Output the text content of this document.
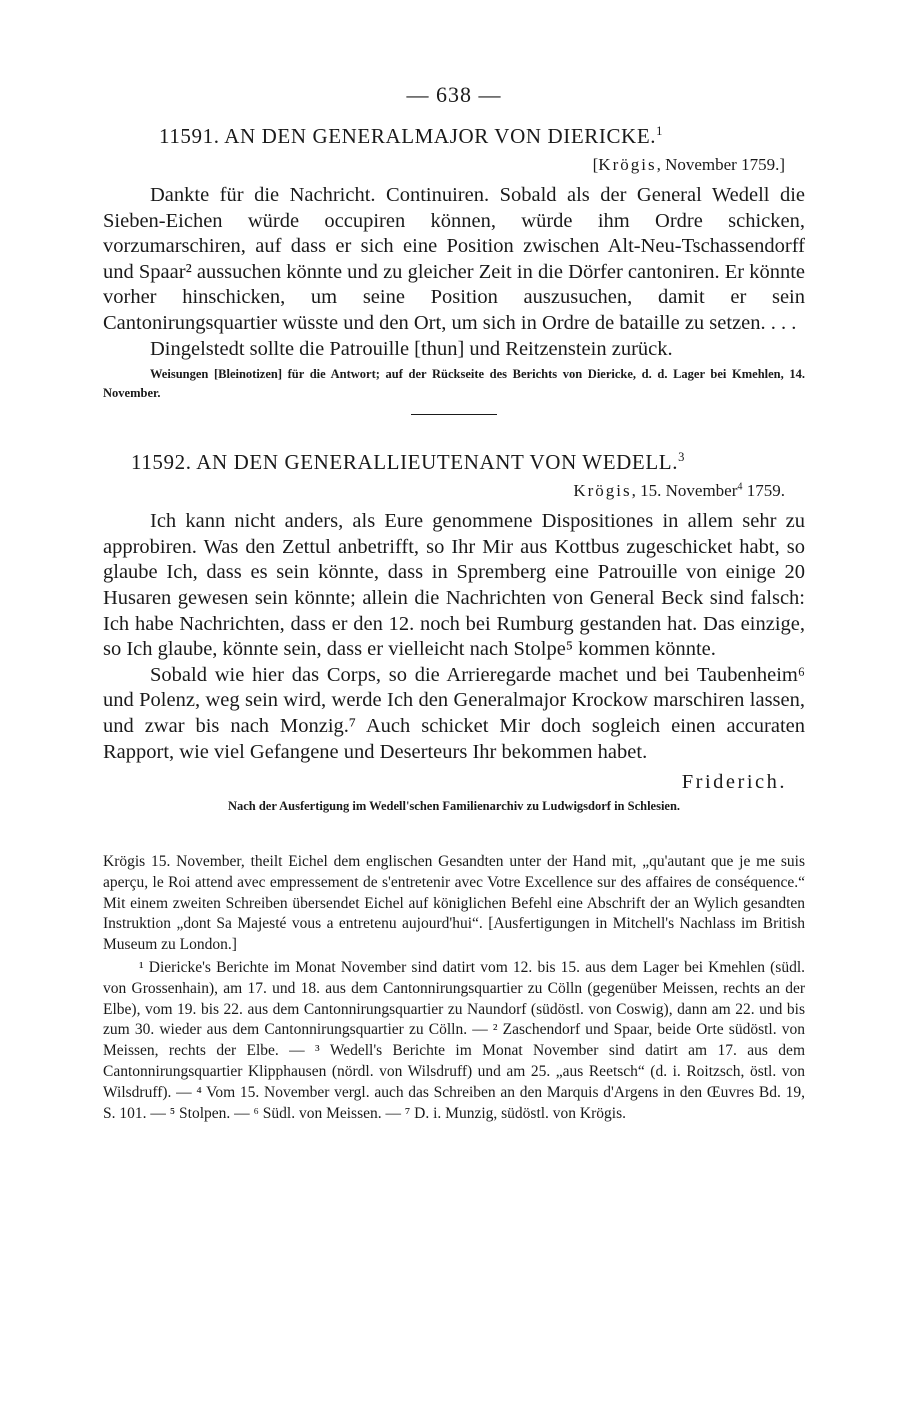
— 638 —
11591. AN DEN GENERALMAJOR VON DIERICKE.$^1$
[Krögis, November 1759.]

Dankte für die Nachricht. Continuiren. Sobald als der General Wedell die Sieben-Eichen würde occupiren können, würde ihm Ordre schicken, vorzumarschiren, auf dass er sich eine Position zwischen Alt-Neu-Tschassendorff und Spaar² aussuchen könnte und zu gleicher Zeit in die Dörfer cantoniren. Er könnte vorher hinschicken, um seine Position auszusuchen, damit er sein Cantonirungsquartier wüsste und den Ort, um sich in Ordre de bataille zu setzen. . . .

Dingelstedt sollte die Patrouille [thun] und Reitzenstein zurück.

Weisungen [Bleinotizen] für die Antwort; auf der Rückseite des Berichts von Diericke, d. d. Lager bei Kmehlen, 14. November.
11592. AN DEN GENERALLIEUTENANT VON WEDELL.$^3$
Krögis, 15. November$^4$ 1759.

Ich kann nicht anders, als Eure genommene Dispositiones in allem sehr zu approbiren. Was den Zettul anbetrifft, so Ihr Mir aus Kottbus zugeschicket habt, so glaube Ich, dass es sein könnte, dass in Spremberg eine Patrouille von einige 20 Husaren gewesen sein könnte; allein die Nachrichten von General Beck sind falsch: Ich habe Nachrichten, dass er den 12. noch bei Rumburg gestanden hat. Das einzige, so Ich glaube, könnte sein, dass er vielleicht nach Stolpe⁵ kommen könnte.

Sobald wie hier das Corps, so die Arrieregarde machet und bei Taubenheim⁶ und Polenz, weg sein wird, werde Ich den Generalmajor Krockow marschiren lassen, und zwar bis nach Monzig.⁷ Auch schicket Mir doch sogleich einen accuraten Rapport, wie viel Gefangene und Deserteurs Ihr bekommen habet.

Friderich.
Nach der Ausfertigung im Wedell'schen Familienarchiv zu Ludwigsdorf in Schlesien.

Krögis 15. November, theilt Eichel dem englischen Gesandten unter der Hand mit, „qu'autant que je me suis aperçu, le Roi attend avec empressement de s'entretenir avec Votre Excellence sur des affaires de conséquence.“ Mit einem zweiten Schreiben übersendet Eichel auf königlichen Befehl eine Abschrift der an Wylich gesandten Instruktion „dont Sa Majesté vous a entretenu aujourd'hui“. [Ausfertigungen in Mitchell's Nachlass im British Museum zu London.]

¹ Diericke's Berichte im Monat November sind datirt vom 12. bis 15. aus dem Lager bei Kmehlen (südl. von Grossenhain), am 17. und 18. aus dem Cantonnirungsquartier zu Cölln (gegenüber Meissen, rechts an der Elbe), vom 19. bis 22. aus dem Cantonnirungsquartier zu Naundorf (südöstl. von Coswig), dann am 22. und bis zum 30. wieder aus dem Cantonnirungsquartier zu Cölln. — ² Zaschendorf und Spaar, beide Orte südöstl. von Meissen, rechts der Elbe. — ³ Wedell's Berichte im Monat November sind datirt am 17. aus dem Cantonnirungsquartier Klipphausen (nördl. von Wilsdruff) und am 25. „aus Reetsch“ (d. i. Roitzsch, östl. von Wilsdruff). — ⁴ Vom 15. November vergl. auch das Schreiben an den Marquis d'Argens in den Œuvres Bd. 19, S. 101. — ⁵ Stolpen. — ⁶ Südl. von Meissen. — ⁷ D. i. Munzig, südöstl. von Krögis.
